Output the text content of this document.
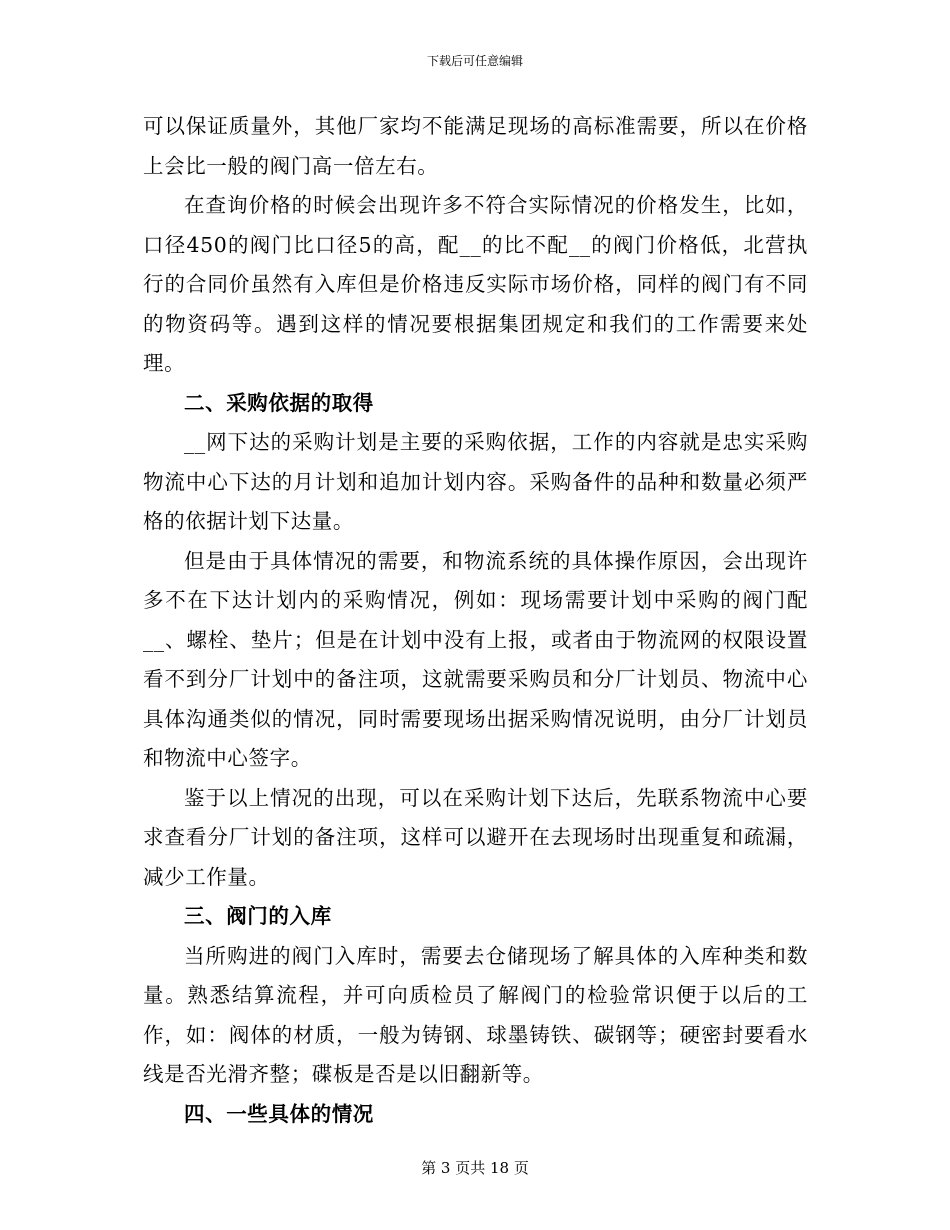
下载后可任意编辑

可以保证质量外，其他厂家均不能满足现场的高标准需要，所以在价格上会比一般的阀门高一倍左右。

在查询价格的时候会出现许多不符合实际情况的价格发生，比如，口径450的阀门比口径5的高，配__的比不配__的阀门价格低，北营执行的合同价虽然有入库但是价格违反实际市场价格，同样的阀门有不同的物资码等。遇到这样的情况要根据集团规定和我们的工作需要来处理。

二、采购依据的取得

__网下达的采购计划是主要的采购依据，工作的内容就是忠实采购物流中心下达的月计划和追加计划内容。采购备件的品种和数量必须严格的依据计划下达量。

但是由于具体情况的需要，和物流系统的具体操作原因，会出现许多不在下达计划内的采购情况，例如：现场需要计划中采购的阀门配__、螺栓、垫片；但是在计划中没有上报，或者由于物流网的权限设置看不到分厂计划中的备注项，这就需要采购员和分厂计划员、物流中心具体沟通类似的情况，同时需要现场出据采购情况说明，由分厂计划员和物流中心签字。

鉴于以上情况的出现，可以在采购计划下达后，先联系物流中心要求查看分厂计划的备注项，这样可以避开在去现场时出现重复和疏漏，减少工作量。

三、阀门的入库

当所购进的阀门入库时，需要去仓储现场了解具体的入库种类和数量。熟悉结算流程，并可向质检员了解阀门的检验常识便于以后的工作，如：阀体的材质，一般为铸钢、球墨铸铁、碳钢等；硬密封要看水线是否光滑齐整；碟板是否是以旧翻新等。

四、一些具体的情况
第 3 页共 18 页
